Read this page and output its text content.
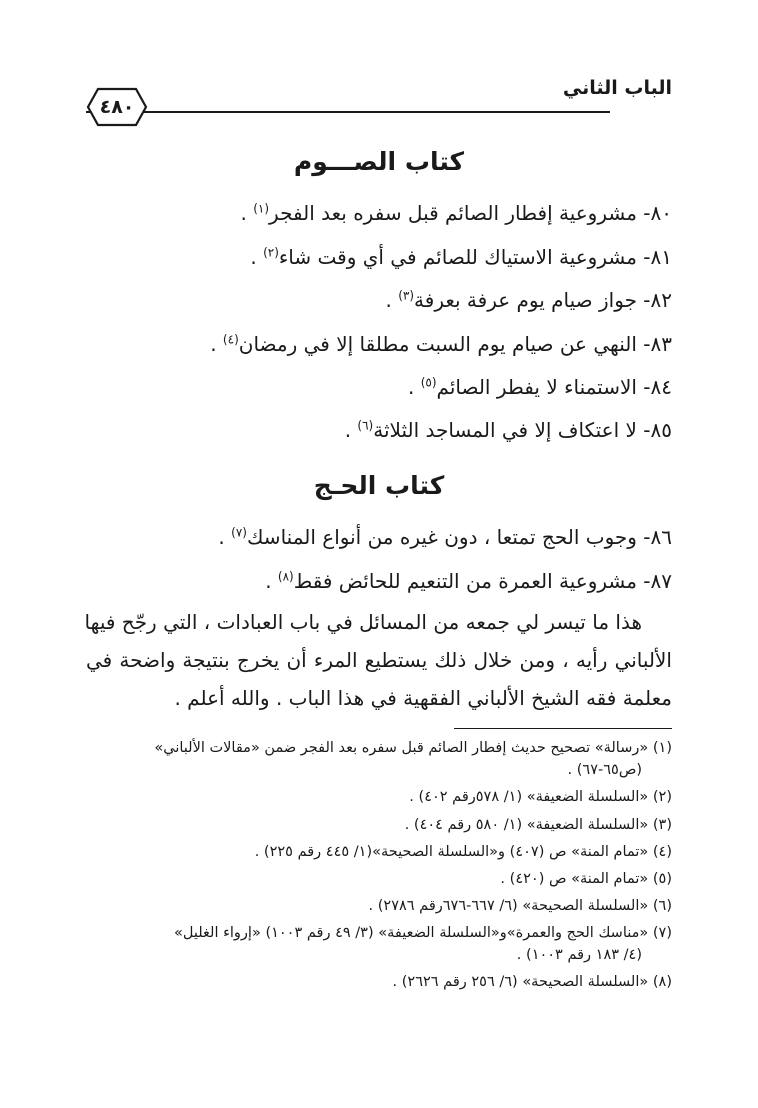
الباب الثاني
٤٨٠
كتاب الصـــوم
٨٠- مشروعية إفطار الصائم قبل سفره بعد الفجر$^{(١)}$ .
٨١- مشروعية الاستياك للصائم في أي وقت شاء$^{(٢)}$ .
٨٢- جواز صيام يوم عرفة بعرفة$^{(٣)}$ .
٨٣- النهي عن صيام يوم السبت مطلقا إلا في رمضان$^{(٤)}$ .
٨٤- الاستمناء لا يفطر الصائم$^{(٥)}$ .
٨٥- لا اعتكاف إلا في المساجد الثلاثة$^{(٦)}$ .
كتاب الحـج
٨٦- وجوب الحج تمتعا ، دون غيره من أنواع المناسك$^{(٧)}$ .
٨٧- مشروعية العمرة من التنعيم للحائض فقط$^{(٨)}$ .
هذا ما تيسر لي جمعه من المسائل في باب العبادات ، التي رجّح فيها
الألباني رأيه ، ومن خلال ذلك يستطيع المرء أن يخرج بنتيجة واضحة في
معلمة فقه الشيخ الألباني الفقهية في هذا الباب . والله أعلم .
(١) «رسالة» تصحيح حديث إفطار الصائم قبل سفره بعد الفجر ضمن «مقالات الألباني»
(ص٦٥-٦٧) .
(٢) «السلسلة الضعيفة» (١/ ٥٧٨رقم ٤٠٢) .
(٣) «السلسلة الضعيفة» (١/ ٥٨٠ رقم ٤٠٤) .
(٤) «تمام المنة» ص (٤٠٧) و«السلسلة الصحيحة»(١/ ٤٤٥ رقم ٢٢٥) .
(٥) «تمام المنة» ص (٤٢٠) .
(٦) «السلسلة الصحيحة» (٦/ ٦٦٧-٦٧٦رقم ٢٧٨٦) .
(٧) «مناسك الحج والعمرة»و«السلسلة الضعيفة» (٣/ ٤٩ رقم ١٠٠٣) «إرواء الغليل»
(٤/ ١٨٣ رقم ١٠٠٣) .
(٨) «السلسلة الصحيحة» (٦/ ٢٥٦ رقم ٢٦٢٦) .
